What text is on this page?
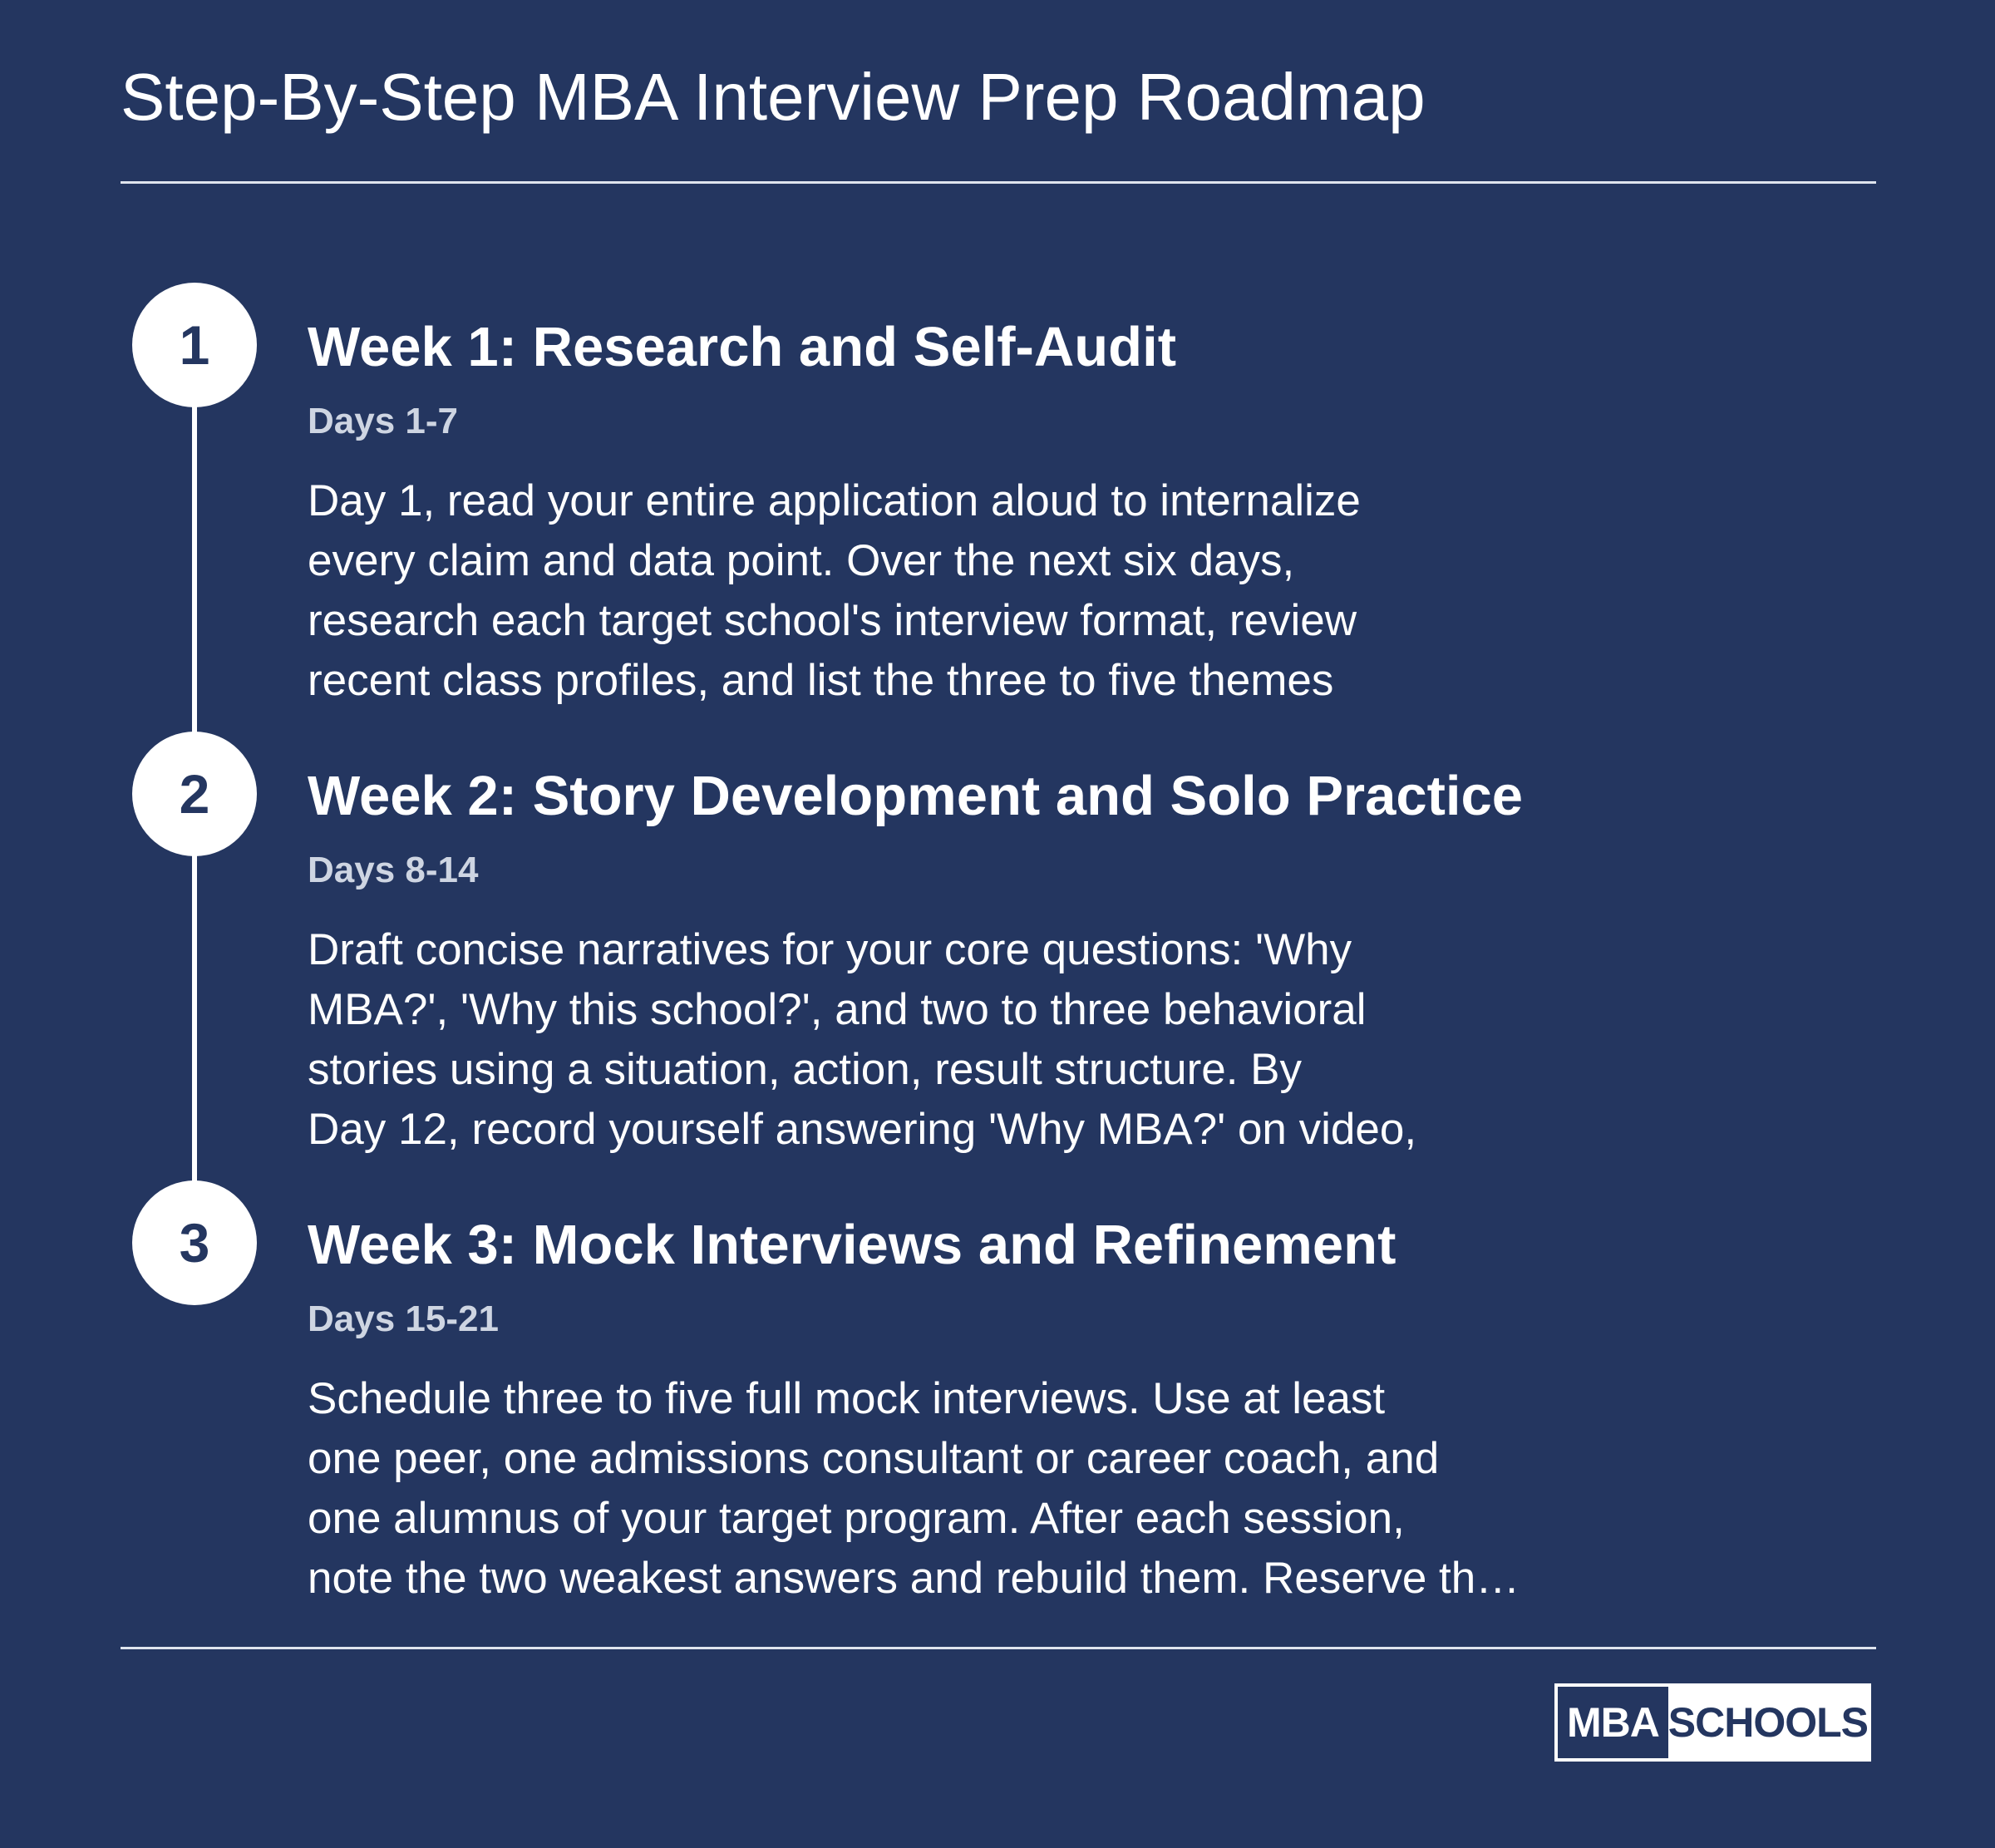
Step-By-Step MBA Interview Prep Roadmap
1	Week 1: Research and Self-Audit
Days 1-7
Day 1, read your entire application aloud to internalize
every claim and data point. Over the next six days,
research each target school's interview format, review
recent class profiles, and list the three to five themes
2	Week 2: Story Development and Solo Practice
Days 8-14
Draft concise narratives for your core questions: 'Why
MBA?', 'Why this school?', and two to three behavioral
stories using a situation, action, result structure. By
Day 12, record yourself answering 'Why MBA?' on video,
3	Week 3: Mock Interviews and Refinement
Days 15-21
Schedule three to five full mock interviews. Use at least
one peer, one admissions consultant or career coach, and
one alumnus of your target program. After each session,
note the two weakest answers and rebuild them. Reserve th…
MBA SCHOOLS
